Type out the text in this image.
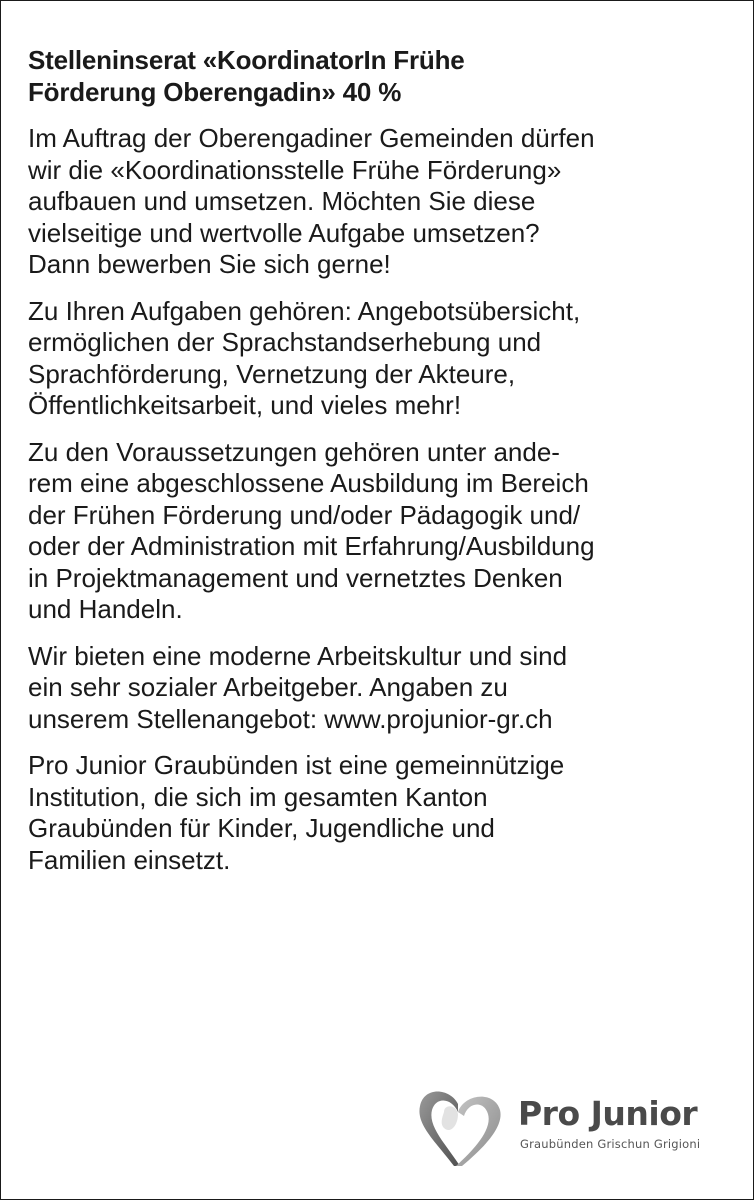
Stelleninserat «KoordinatorIn Frühe
Förderung Oberengadin» 40 %

Im Auftrag der Oberengadiner Gemeinden dürfen
wir die «Koordinationsstelle Frühe Förderung»
aufbauen und umsetzen. Möchten Sie diese
vielseitige und wertvolle Aufgabe umsetzen?
Dann bewerben Sie sich gerne!

Zu Ihren Aufgaben gehören: Angebotsübersicht,
ermöglichen der Sprachstandserhebung und
Sprachförderung, Vernetzung der Akteure,
Öffentlichkeitsarbeit, und vieles mehr!

Zu den Voraussetzungen gehören unter ande-
rem eine abgeschlossene Ausbildung im Bereich
der Frühen Förderung und/oder Pädagogik und/
oder der Administration mit Erfahrung/Ausbildung
in Projektmanagement und vernetztes Denken
und Handeln.

Wir bieten eine moderne Arbeitskultur und sind
ein sehr sozialer Arbeitgeber. Angaben zu
unserem Stellenangebot: www.projunior-gr.ch

Pro Junior Graubünden ist eine gemeinnützige
Institution, die sich im gesamten Kanton
Graubünden für Kinder, Jugendliche und
Familien einsetzt.

Pro Junior
Graubünden Grischun Grigioni
